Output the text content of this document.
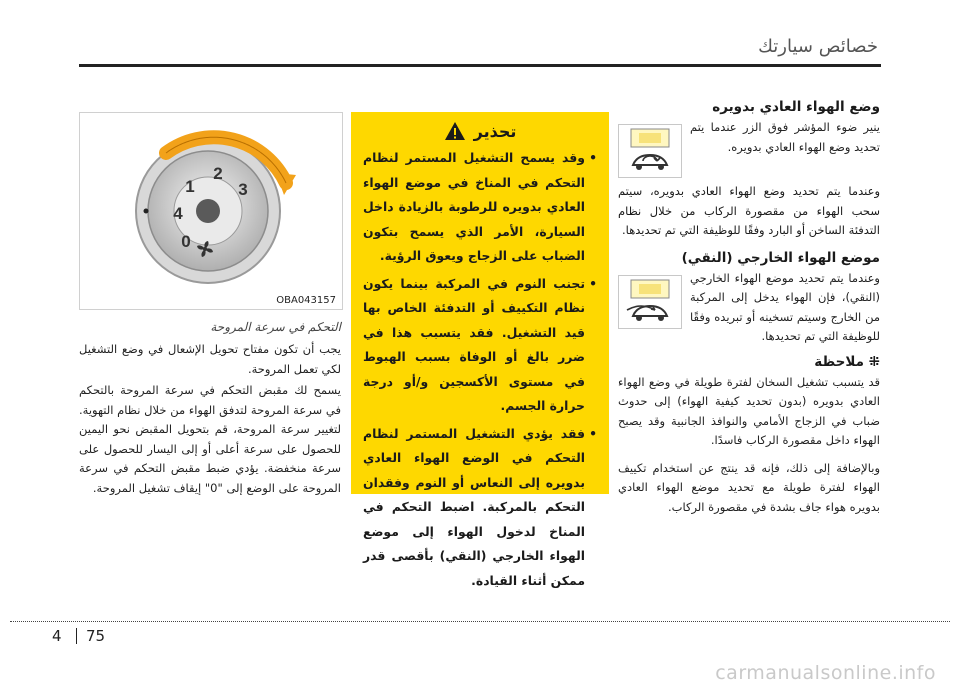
خصائص سيارتك
وضع الهواء العادي بدويره

ينير ضوء المؤشر فوق الزر عندما يتم تحديد وضع الهواء العادي بدويره.

وعندما يتم تحديد وضع الهواء العادي بدويره، سيتم سحب الهواء من مقصورة الركاب من خلال نظام التدفئة الساخن أو البارد وفقًا للوظيفة التي تم تحديدها.

موضع الهواء الخارجي (النقي)
وعندما يتم تحديد موضع الهواء الخارجي (النقي)، فإن الهواء يدخل إلى المركبة من الخارج وسيتم تسخينه أو تبريده وفقًا للوظيفة التي تم تحديدها.
⁜ ملاحظة

قد يتسبب تشغيل السخان لفترة طويلة في وضع الهواء العادي بدويره (بدون تحديد كيفية الهواء) إلى حدوث ضباب في الزجاج الأمامي والنوافذ الجانبية وقد يصبح الهواء داخل مقصورة الركاب فاسدًا.

وبالإضافة إلى ذلك، فإنه قد ينتج عن استخدام تكييف الهواء لفترة طويلة مع تحديد موضع الهواء العادي بدويره هواء جاف بشدة في مقصورة الركاب.

تحذير
• وقد يسمح التشغيل المستمر لنظام التحكم في المناخ في موضع الهواء العادي بدويره للرطوبة بالزيادة داخل السيارة، الأمر الذي يسمح بتكون الضباب على الزجاج ويعوق الرؤية.
• تجنب النوم في المركبة بينما يكون نظام التكييف أو التدفئة الخاص بها قيد التشغيل. فقد يتسبب هذا في ضرر بالغ أو الوفاة بسبب الهبوط في مستوى الأكسجين و/أو درجة حرارة الجسم.
• فقد يؤدي التشغيل المستمر لنظام التحكم في الوضع الهواء العادي بدويره إلى النعاس أو النوم وفقدان التحكم بالمركبة. اضبط التحكم في المناخ لدخول الهواء إلى موضع الهواء الخارجي (النقي) بأقصى قدر ممكن أثناء القيادة.
1
2
3
4
0
OBA043157

التحكم في سرعة المروحة

يجب أن تكون مفتاح تحويل الإشعال في وضع التشغيل لكي تعمل المروحة.

يسمح لك مقبض التحكم في سرعة المروحة بالتحكم في سرعة المروحة لتدفق الهواء من خلال نظام التهوية. لتغيير سرعة المروحة، قم بتحويل المقبض نحو اليمين للحصول على سرعة أعلى أو إلى اليسار للحصول على سرعة منخفضة. يؤدي ضبط مقبض التحكم في سرعة المروحة على الوضع إلى "0" إيقاف تشغيل المروحة.

4 75
carmanualsonline.info
